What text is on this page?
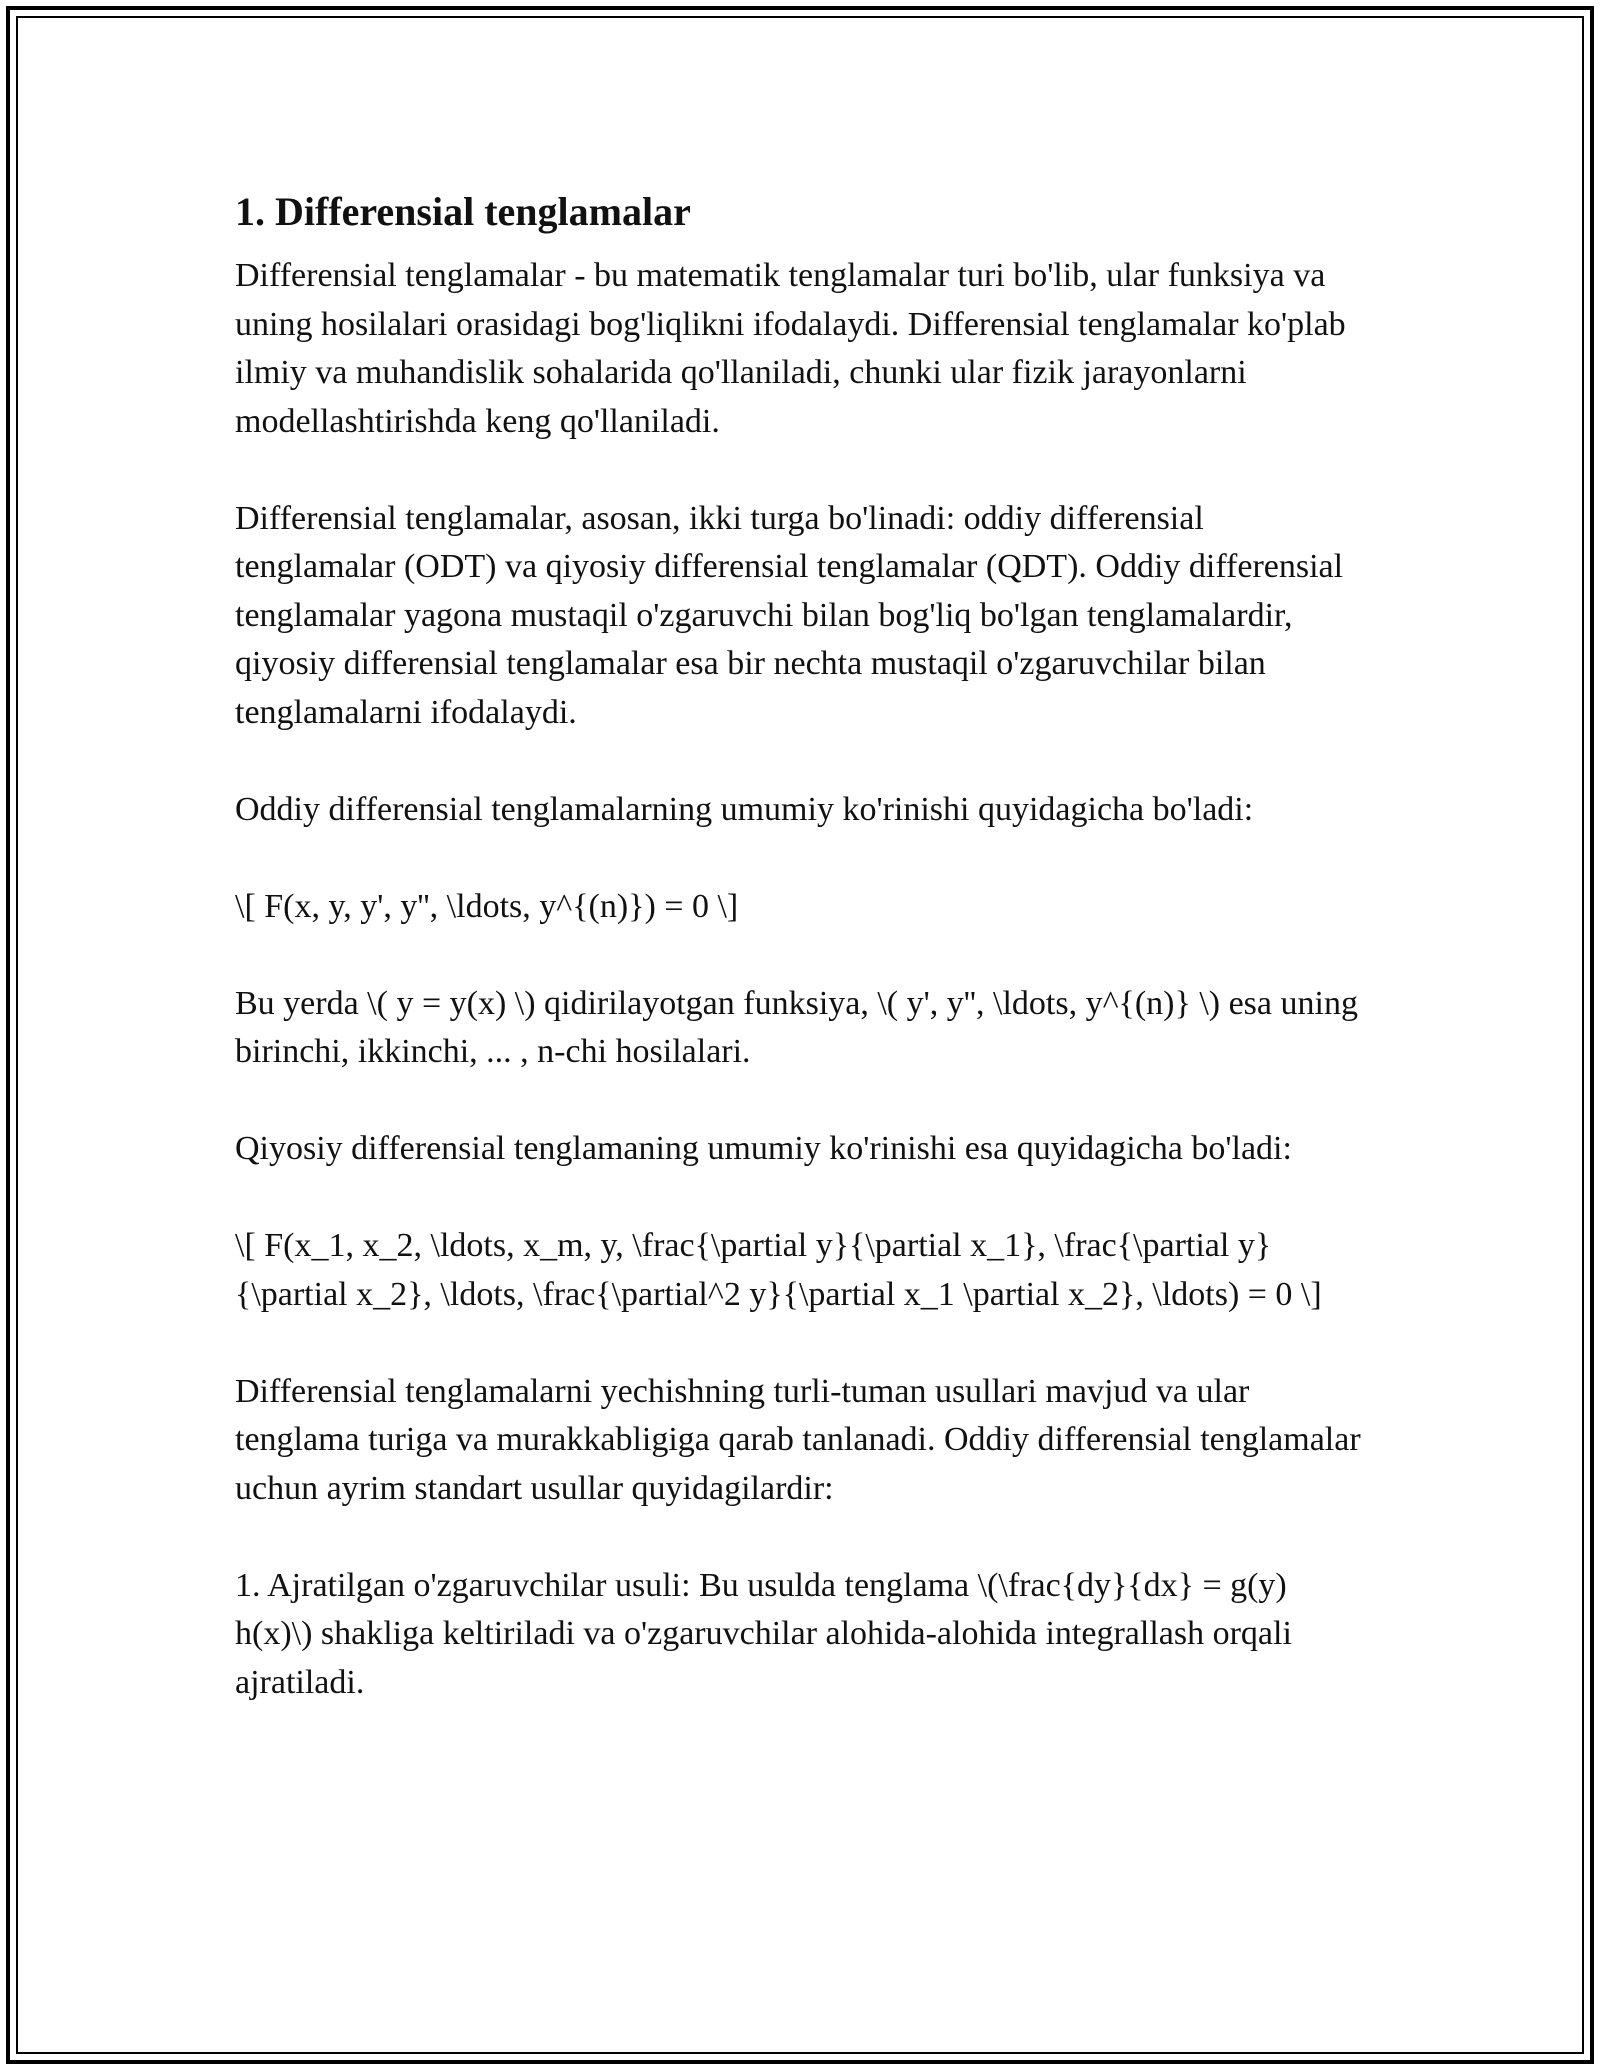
1. Differensial tenglamalar

Differensial tenglamalar - bu matematik tenglamalar turi bo'lib, ular funksiya va uning hosilalari orasidagi bog'liqlikni ifodalaydi. Differensial tenglamalar ko'plab ilmiy va muhandislik sohalarida qo'llaniladi, chunki ular fizik jarayonlarni modellashtirishda keng qo'llaniladi.

Differensial tenglamalar, asosan, ikki turga bo'linadi: oddiy differensial tenglamalar (ODT) va qiyosiy differensial tenglamalar (QDT). Oddiy differensial tenglamalar yagona mustaqil o'zgaruvchi bilan bog'liq bo'lgan tenglamalardir, qiyosiy differensial tenglamalar esa bir nechta mustaqil o'zgaruvchilar bilan tenglamalarni ifodalaydi.

Oddiy differensial tenglamalarning umumiy ko'rinishi quyidagicha bo'ladi:

\[ F(x, y, y', y'', \ldots, y^{(n)}) = 0 \]

Bu yerda \( y = y(x) \) qidirilayotgan funksiya, \( y', y'', \ldots, y^{(n)} \) esa uning birinchi, ikkinchi, ... , n-chi hosilalari.

Qiyosiy differensial tenglamaning umumiy ko'rinishi esa quyidagicha bo'ladi:

\[ F(x_1, x_2, \ldots, x_m, y, \frac{\partial y}{\partial x_1}, \frac{\partial y}{\partial x_2}, \ldots, \frac{\partial^2 y}{\partial x_1 \partial x_2}, \ldots) = 0 \]

Differensial tenglamalarni yechishning turli-tuman usullari mavjud va ular tenglama turiga va murakkabligiga qarab tanlanadi. Oddiy differensial tenglamalar uchun ayrim standart usullar quyidagilardir:

1. Ajratilgan o'zgaruvchilar usuli: Bu usulda tenglama \(\frac{dy}{dx} = g(y) h(x)\) shakliga keltiriladi va o'zgaruvchilar alohida-alohida integrallash orqali ajratiladi.
